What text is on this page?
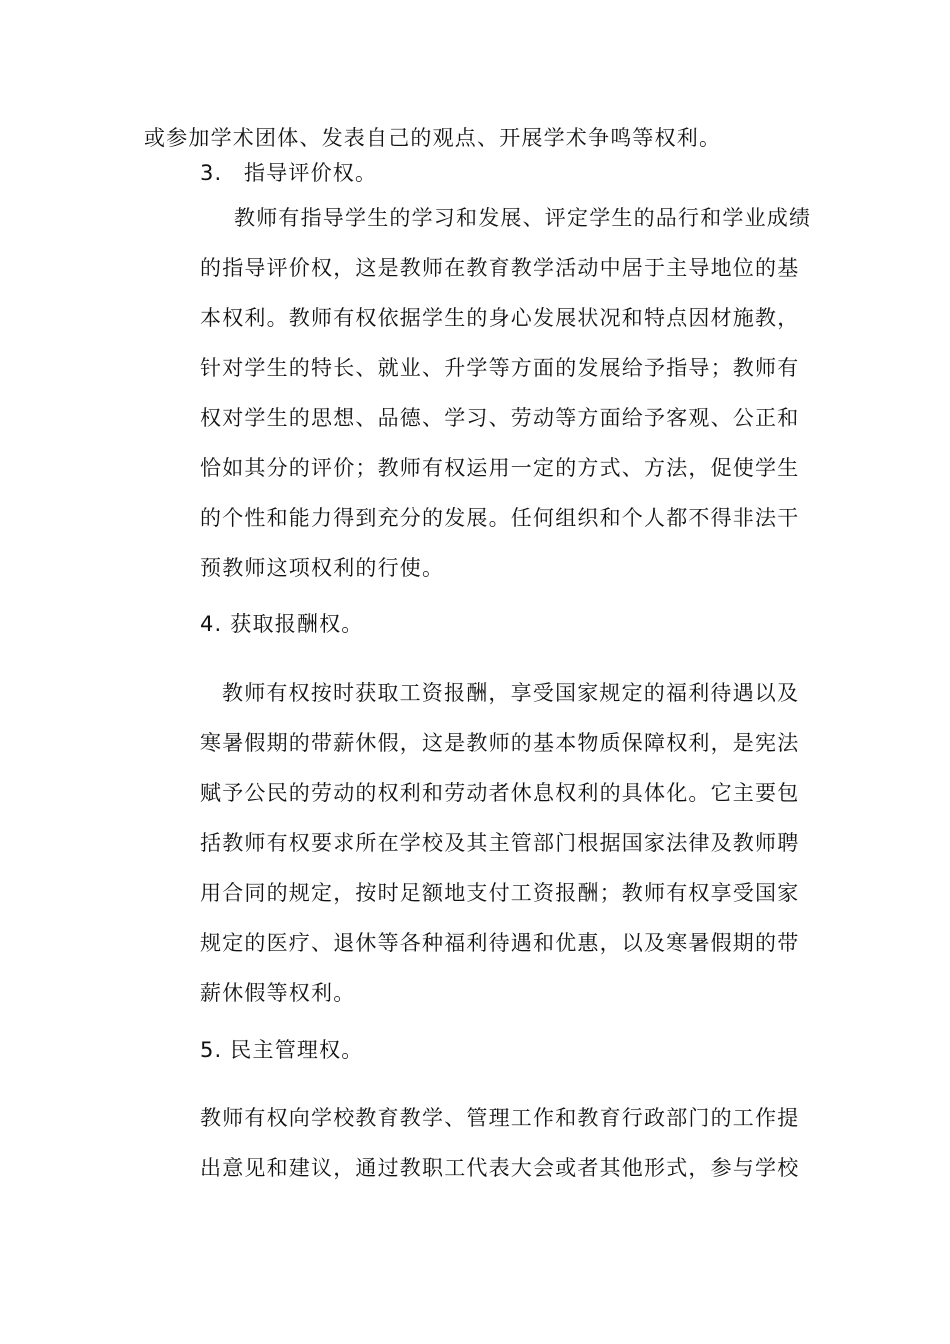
或参加学术团体、发表自己的观点、开展学术争鸣等权利。
3. 指导评价权。
教师有指导学生的学习和发展、评定学生的品行和学业成绩
的指导评价权，这是教师在教育教学活动中居于主导地位的基
本权利。教师有权依据学生的身心发展状况和特点因材施教，
针对学生的特长、就业、升学等方面的发展给予指导；教师有
权对学生的思想、品德、学习、劳动等方面给予客观、公正和
恰如其分的评价；教师有权运用一定的方式、方法，促使学生
的个性和能力得到充分的发展。任何组织和个人都不得非法干
预教师这项权利的行使。
4. 获取报酬权。
教师有权按时获取工资报酬，享受国家规定的福利待遇以及
寒暑假期的带薪休假，这是教师的基本物质保障权利，是宪法
赋予公民的劳动的权利和劳动者休息权利的具体化。它主要包
括教师有权要求所在学校及其主管部门根据国家法律及教师聘
用合同的规定，按时足额地支付工资报酬；教师有权享受国家
规定的医疗、退休等各种福利待遇和优惠，以及寒暑假期的带
薪休假等权利。
5. 民主管理权。
教师有权向学校教育教学、管理工作和教育行政部门的工作提
出意见和建议，通过教职工代表大会或者其他形式，参与学校
